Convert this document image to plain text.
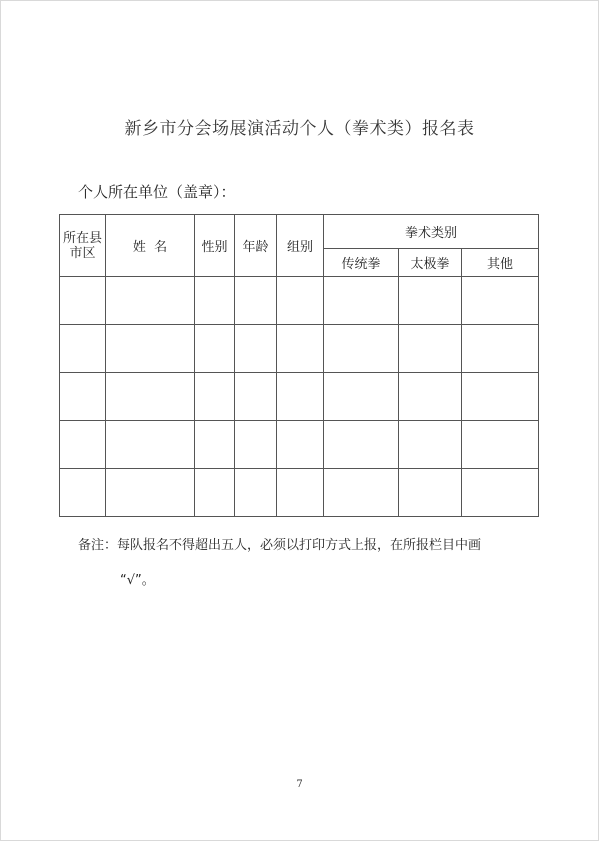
新乡市分会场展演活动个人（拳术类）报名表
个人所在单位（盖章）：
所在县
市区	姓  名	性别	年龄	组别	拳术类别		
					传统拳	太极拳	其他

备注：每队报名不得超出五人，必须以打印方式上报，在所报栏目中画
“√”。
7
